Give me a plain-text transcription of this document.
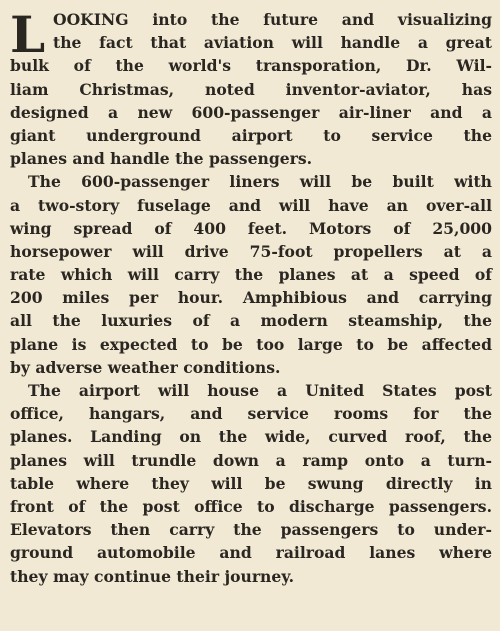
L OOKING into the future and visualizing
the fact that aviation will handle a great
bulk of the world's transporation, Dr. Wil-
liam Christmas, noted inventor-aviator, has
designed a new 600-passenger air-liner and a
giant underground airport to service the
planes and handle the passengers.

The 600-passenger liners will be built with
a two-story fuselage and will have an over-all
wing spread of 400 feet. Motors of 25,000
horsepower will drive 75-foot propellers at a
rate which will carry the planes at a speed of
200 miles per hour. Amphibious and carrying
all the luxuries of a modern steamship, the
plane is expected to be too large to be affected
by adverse weather conditions.

The airport will house a United States post
office, hangars, and service rooms for the
planes. Landing on the wide, curved roof, the
planes will trundle down a ramp onto a turn-
table where they will be swung directly in
front of the post office to discharge passengers.
Elevators then carry the passengers to under-
ground automobile and railroad lanes where
they may continue their journey.
